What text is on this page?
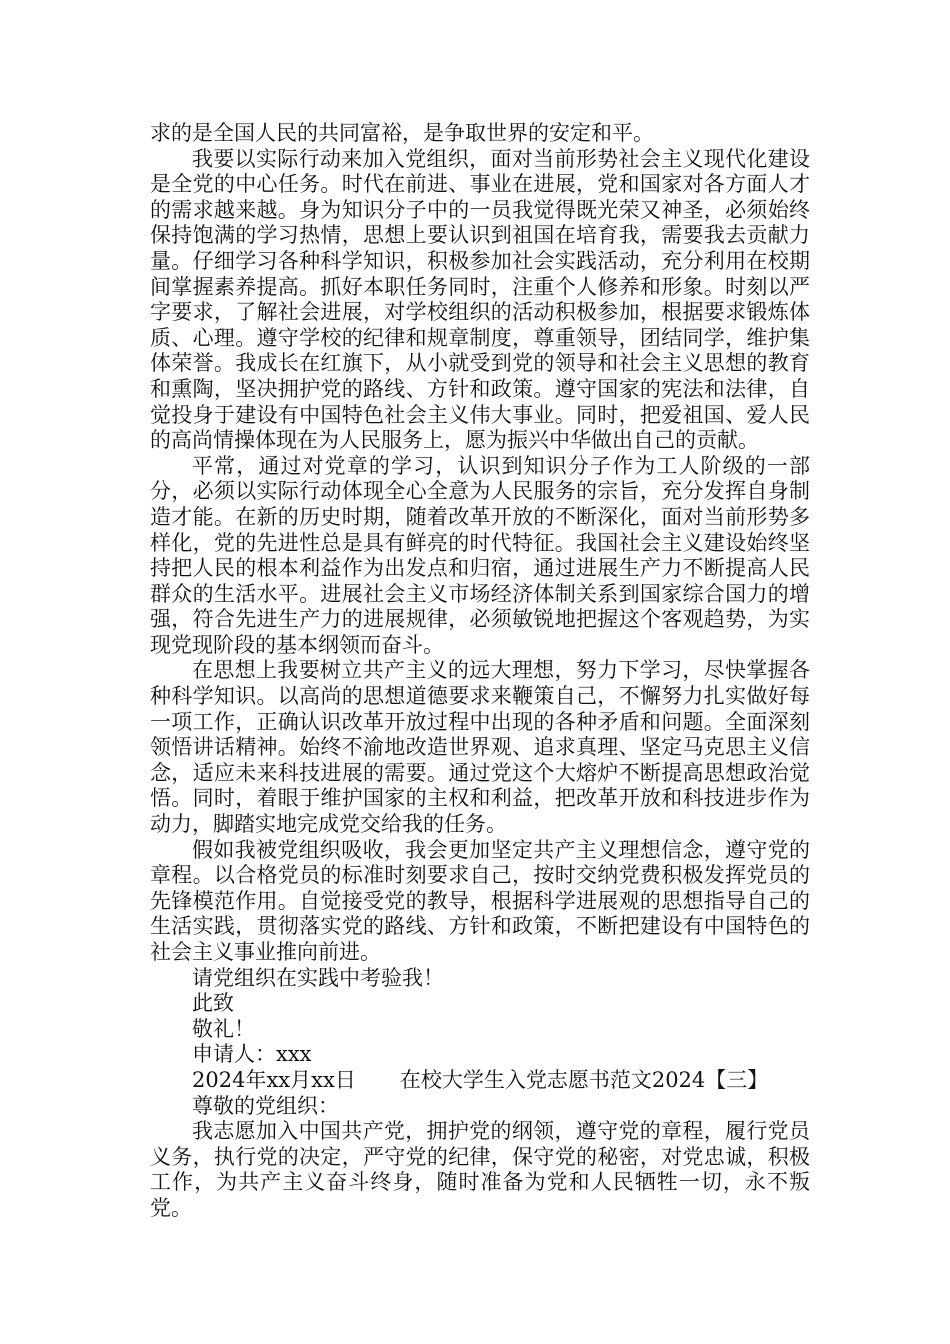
求的是全国人民的共同富裕，是争取世界的安定和平。

我要以实际行动来加入党组织，面对当前形势社会主义现代化建设是全党的中心任务。时代在前进、事业在进展，党和国家对各方面人才的需求越来越。身为知识分子中的一员我觉得既光荣又神圣，必须始终保持饱满的学习热情，思想上要认识到祖国在培育我，需要我去贡献力量。仔细学习各种科学知识，积极参加社会实践活动，充分利用在校期间掌握素养提高。抓好本职任务同时，注重个人修养和形象。时刻以严字要求，了解社会进展，对学校组织的活动积极参加，根据要求锻炼体质、心理。遵守学校的纪律和规章制度，尊重领导，团结同学，维护集体荣誉。我成长在红旗下，从小就受到党的领导和社会主义思想的教育和熏陶，坚决拥护党的路线、方针和政策。遵守国家的宪法和法律，自觉投身于建设有中国特色社会主义伟大事业。同时，把爱祖国、爱人民的高尚情操体现在为人民服务上，愿为振兴中华做出自己的贡献。

平常，通过对党章的学习，认识到知识分子作为工人阶级的一部分，必须以实际行动体现全心全意为人民服务的宗旨，充分发挥自身制造才能。在新的历史时期，随着改革开放的不断深化，面对当前形势多样化，党的先进性总是具有鲜亮的时代特征。我国社会主义建设始终坚持把人民的根本利益作为出发点和归宿，通过进展生产力不断提高人民群众的生活水平。进展社会主义市场经济体制关系到国家综合国力的增强，符合先进生产力的进展规律，必须敏锐地把握这个客观趋势，为实现党现阶段的基本纲领而奋斗。

在思想上我要树立共产主义的远大理想，努力下学习，尽快掌握各种科学知识。以高尚的思想道德要求来鞭策自己，不懈努力扎实做好每一项工作，正确认识改革开放过程中出现的各种矛盾和问题。全面深刻领悟讲话精神。始终不渝地改造世界观、追求真理、坚定马克思主义信念，适应未来科技进展的需要。通过党这个大熔炉不断提高思想政治觉悟。同时，着眼于维护国家的主权和利益，把改革开放和科技进步作为动力，脚踏实地完成党交给我的任务。

假如我被党组织吸收，我会更加坚定共产主义理想信念，遵守党的章程。以合格党员的标准时刻要求自己，按时交纳党费积极发挥党员的先锋模范作用。自觉接受党的教导，根据科学进展观的思想指导自己的生活实践，贯彻落实党的路线、方针和政策，不断把建设有中国特色的社会主义事业推向前进。

请党组织在实践中考验我！

此致

敬礼！

申请人：xxx

2024年xx月xx日 在校大学生入党志愿书范文2024【三】

尊敬的党组织：

我志愿加入中国共产党，拥护党的纲领，遵守党的章程，履行党员义务，执行党的决定，严守党的纪律，保守党的秘密，对党忠诚，积极工作，为共产主义奋斗终身，随时准备为党和人民牺牲一切，永不叛党。
